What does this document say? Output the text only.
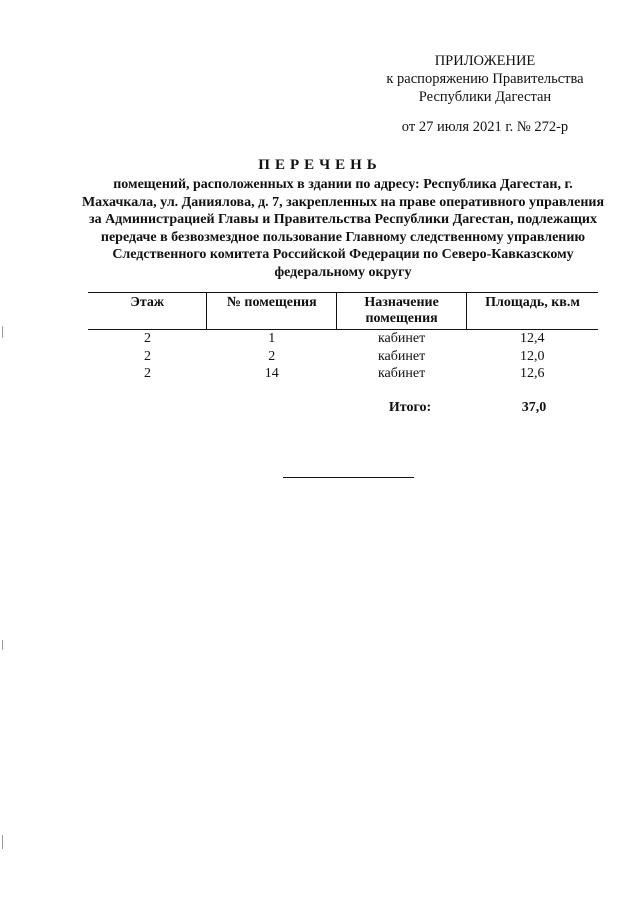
ПРИЛОЖЕНИЕ
к распоряжению Правительства
Республики Дагестан
от 27 июля 2021 г. № 272-р
ПЕРЕЧЕНЬ
помещений, расположенных в здании по адресу: Республика Дагестан, г. Махачкала, ул. Даниялова, д. 7, закрепленных на праве оперативного управления за Администрацией Главы и Правительства Республики Дагестан, подлежащих передаче в безвозмездное пользование Главному следственному управлению Следственного комитета Российской Федерации по Северо-Кавказскому федеральному округу
Этаж	№ помещения	Назначение помещения	Площадь, кв.м
2	1	кабинет	12,4
2	2	кабинет	12,0
2	14	кабинет	12,6
Итого:	37,0
